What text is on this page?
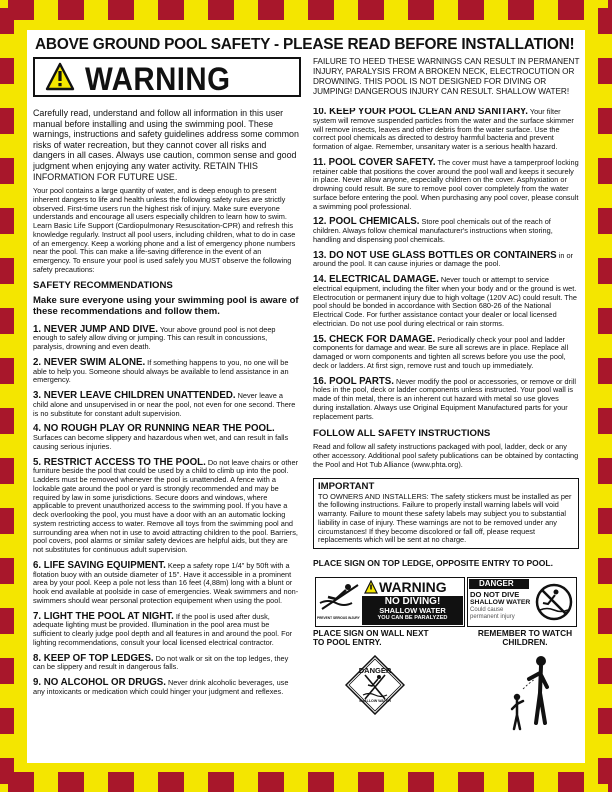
ABOVE GROUND POOL SAFETY - PLEASE READ BEFORE INSTALLATION!
WARNING	FAILURE TO HEED THESE WARNINGS CAN RESULT IN PERMANENT INJURY, PARALYSIS FROM A BROKEN NECK, ELECTROCUTION OR DROWNING. THIS POOL IS NOT DESIGNED FOR DIVING OR JUMPING! DANGEROUS INJURY CAN RESULT. SHALLOW WATER!

Carefully read, understand and follow all information in this user manual before installing and using the swimming pool. These warnings, instructions and safety guidelines address some common risks of water recreation, but they cannot cover all risks and dangers in all cases. Always use caution, common sense and good judgment when enjoying any water activity. RETAIN THIS INFORMATION FOR FUTURE USE.

Your pool contains a large quantity of water, and is deep enough to present inherent dangers to life and health unless the following safety rules are strictly observed. First-time users run the highest risk of injury. Make sure everyone understands and encourage all users especially children to learn how to swim. Learn Basic Life Support (Cardiopulmonary Resuscitation-CPR) and refresh this knowledge regularly. Instruct all pool users, including children, what to do in case of an emergency. Keep a working phone and a list of emergency phone numbers near the pool. This can make a life-saving difference in the event of an emergency. To ensure your pool is used safely you MUST observe the following safety precautions:

SAFETY RECOMMENDATIONS

Make sure everyone using your swimming pool is aware of these recommendations and follow them.

1. NEVER JUMP AND DIVE. Your above ground pool is not deep enough to safely allow diving or jumping. This can result in concussions, paralysis, drowning and even death.

2. NEVER SWIM ALONE. If something happens to you, no one will be able to help you. Someone should always be available to lend assistance in an emergency.

3. NEVER LEAVE CHILDREN UNATTENDED. Never leave a child alone and unsupervised in or near the pool, not even for one second. There is no substitute for constant adult supervision.

4. NO ROUGH PLAY OR RUNNING NEAR THE POOL. Surfaces can become slippery and hazardous when wet, and can result in falls causing serious injuries.

5. RESTRICT ACCESS TO THE POOL. Do not leave chairs or other furniture beside the pool that could be used by a child to climb up into the pool. Ladders must be removed whenever the pool is unattended. A fence with a lockable gate around the pool or yard is strongly recommended and may be required by law in some jurisdictions. Secure doors and windows, where applicable to prevent unauthorized access to the swimming pool. If you have a deck overlooking the pool, you must have a door with an an automatic locking system restricting access to water. Remove all toys from the swimming pool and surrounding area when not in use to avoid attracting children to the pool. Barriers, pool covers, pool alarms or similar safety devices are helpful aids, but they are not substitutes for continuous adult supervision.

6. LIFE SAVING EQUIPMENT. Keep a safety rope 1/4" by 50ft with a flotation buoy with an outside diameter of 15". Have it accessible in a prominent area by your pool. Keep a pole not less than 16 feet (4,88m) long with a blunt or hook end available at poolside in case of emergencies. Weak swimmers and non-swimmers should wear personal protection equipement when using the pool.

7. LIGHT THE POOL AT NIGHT. If the pool is used after dusk, adequate lighting must be provided. Illumination in the pool area must be sufficient to clearly judge pool depth and all features in and around the pool. For lighting recommendations, consult your local licensed electrical contractor.

8. KEEP OF TOP LEDGES. Do not walk or sit on the top ledges, they can be slippery and result in dangerous falls.

9. NO ALCOHOL OR DRUGS. Never drink alcoholic beverages, use any intoxicants or medication which could hinger your judgment and reflexes.

10. KEEP YOUR POOL CLEAN AND SANITARY. Your filter system will remove suspended particles from the water and the surface skimmer will remove insects, leaves and other debris from the water surface. Use the correct pool chemicals as directed to destroy harmful bacteria and prevent formation of algae. Remember, unsanitary water is a serious health hazard.

11. POOL COVER SAFETY. The cover must have a tamperproof locking retainer cable that positions the cover around the pool wall and keeps it securely in place. Never allow anyone, especially children on the cover. Asphyxiation or drowning could result. Be sure to remove pool cover completely from the water surface before entering the pool. When purchasing any pool cover, please consult a swimming pool professional.

12. POOL CHEMICALS. Store pool chemicals out of the reach of children. Always follow chemical manufacturer's instructions when storing, handling and dispensing pool chemicals.

13. DO NOT USE GLASS BOTTLES OR CONTAINERS in or around the pool. It can cause injuries or damage the pool.

14. ELECTRICAL DAMAGE. Never touch or attempt to service electrical equipment, including the filter when your body and or the ground is wet. Electrocution or permanent injury due to high voltage (120V AC) could result. The pool should be bonded in accordance with Section 680-26 of the National Electrical Code. For further assistance contact your dealer or local licensed electrician. Do not use pool during electrical or rain storms.

15. CHECK FOR DAMAGE. Periodically check your pool and ladder components for damage and wear. Be sure all screws are in place. Replace all damaged or worn components and tighten all screws before you use the pool, deck or ladders. At first sign, remove rust and touch up immediately.

16. POOL PARTS. Never modify the pool or accessories, or remove or drill holes in the pool, deck or ladder components unless instructed. Your pool wall is made of thin metal, there is an inherent cut hazard with metal so use gloves during installation. Always use Original Equipment Manufactured parts for your replacement parts.

FOLLOW ALL SAFETY INSTRUCTIONS

Read and follow all safety instructions packaged with pool, ladder, deck or any other accessory. Additional pool safety publications can be obtained by contacting the Pool and Hot Tub Alliance (www.phta.org).

IMPORTANT

TO OWNERS AND INSTALLERS: The safety stickers must be installed as per the following instructions. Failure to properly install warning labels will void warranty. Failure to mount these safety labels may subject you to substantial liability in case of injury. These warnings are not to be removed under any circumstances! If they become discolored or fall off, please request replacements which will be sent at no charge.

PLACE SIGN ON TOP LEDGE, OPPOSITE ENTRY TO POOL.
PREVENT SERIOUS INJURY
WARNING
NO DIVING!
SHALLOW WATER
YOU CAN BE PARALYZED
DANGER
DO NOT DIVE
SHALLOW WATER
Could cause
permanent injury
PLACE SIGN ON WALL NEXT TO POOL ENTRY.
REMEMBER TO WATCH CHILDREN.
DANGER
SHALLOW WATER
